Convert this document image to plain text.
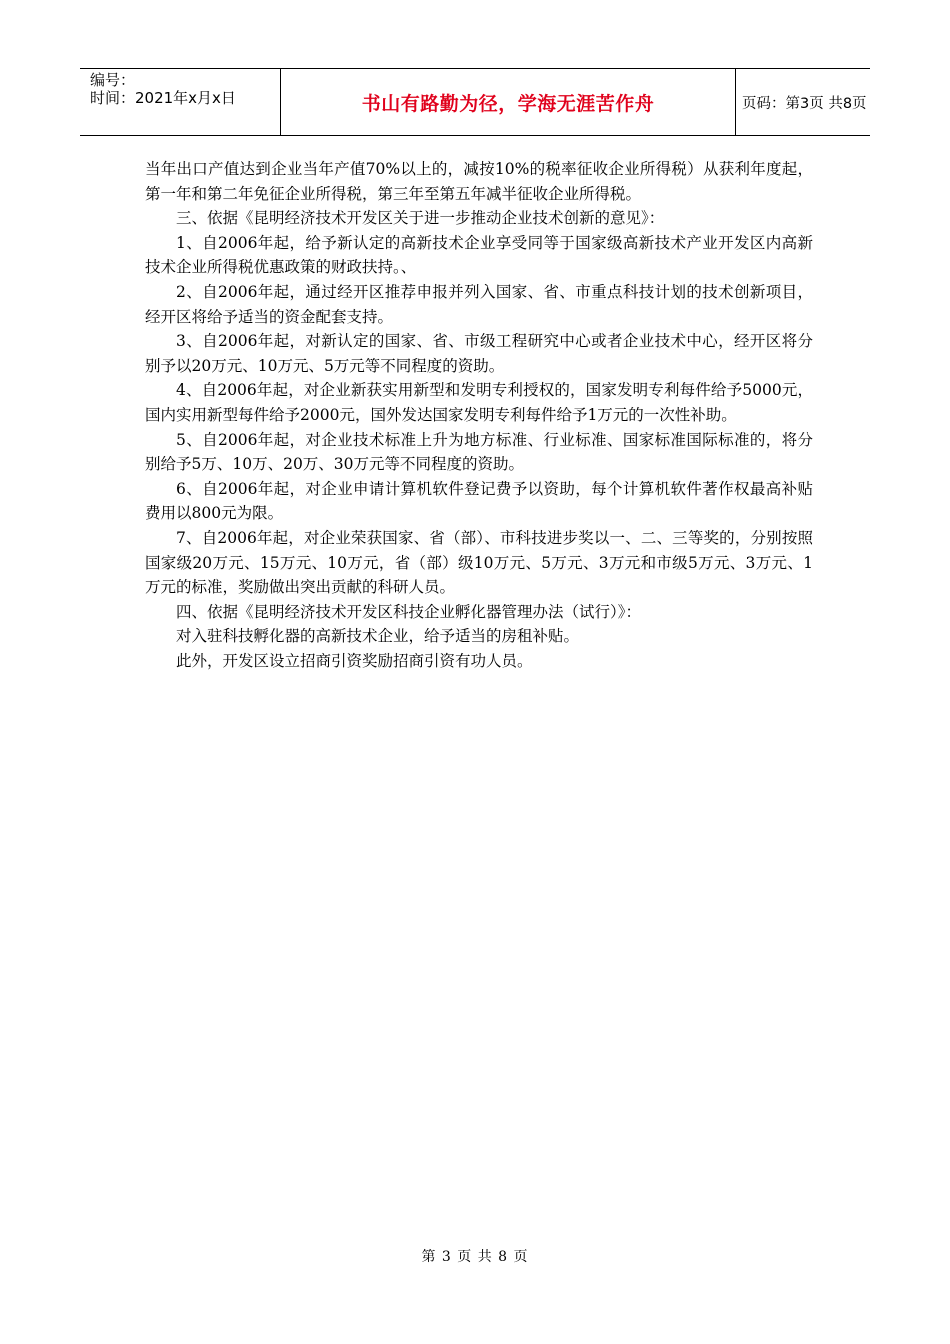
编号：
时间：2021年x月x日	书山有路勤为径，学海无涯苦作舟	页码：第3页 共8页

当年出口产值达到企业当年产值70%以上的，减按10%的税率征收企业所得税）从获利年度起，第一年和第二年免征企业所得税，第三年至第五年减半征收企业所得税。

三、依据《昆明经济技术开发区关于进一步推动企业技术创新的意见》：

1、自2006年起，给予新认定的高新技术企业享受同等于国家级高新技术产业开发区内高新技术企业所得税优惠政策的财政扶持。、

2、自2006年起，通过经开区推荐申报并列入国家、省、市重点科技计划的技术创新项目，经开区将给予适当的资金配套支持。

3、自2006年起，对新认定的国家、省、市级工程研究中心或者企业技术中心，经开区将分别予以20万元、10万元、5万元等不同程度的资助。

4、自2006年起，对企业新获实用新型和发明专利授权的，国家发明专利每件给予5000元，国内实用新型每件给予2000元，国外发达国家发明专利每件给予1万元的一次性补助。

5、自2006年起，对企业技术标准上升为地方标准、行业标准、国家标准国际标准的，将分别给予5万、10万、20万、30万元等不同程度的资助。

6、自2006年起，对企业申请计算机软件登记费予以资助，每个计算机软件著作权最高补贴费用以800元为限。

7、自2006年起，对企业荣获国家、省（部）、市科技进步奖以一、二、三等奖的，分别按照国家级20万元、15万元、10万元，省（部）级10万元、5万元、3万元和市级5万元、3万元、1万元的标准，奖励做出突出贡献的科研人员。

四、依据《昆明经济技术开发区科技企业孵化器管理办法（试行）》：

对入驻科技孵化器的高新技术企业，给予适当的房租补贴。

此外，开发区设立招商引资奖励招商引资有功人员。

第 3 页 共 8 页
